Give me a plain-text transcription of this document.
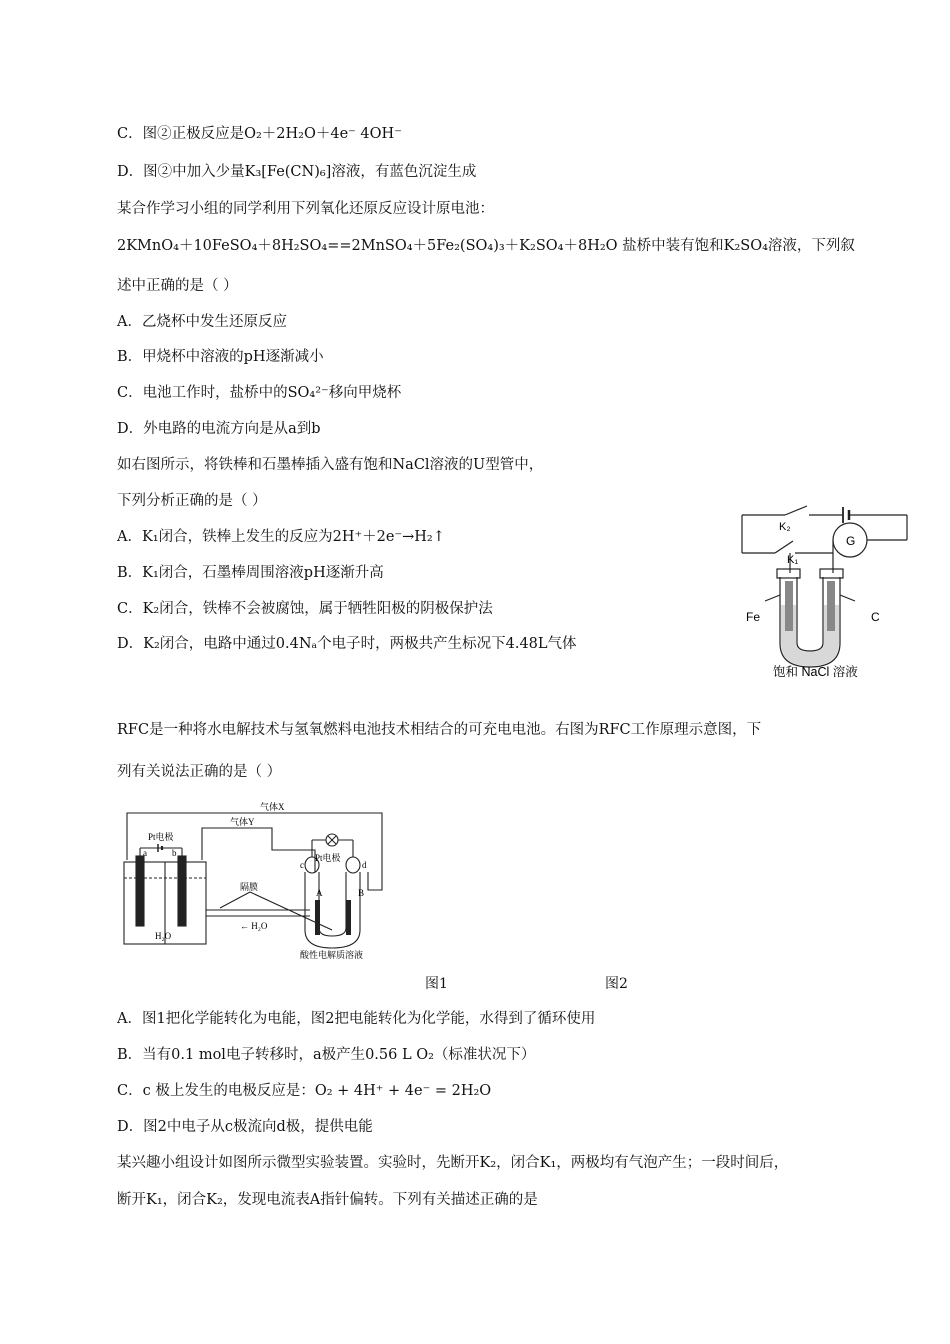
C．图②正极反应是O₂＋2H₂O＋4e⁻ 4OH⁻
D．图②中加入少量K₃[Fe(CN)₆]溶液，有蓝色沉淀生成
某合作学习小组的同学利用下列氧化还原反应设计原电池：
2KMnO₄＋10FeSO₄＋8H₂SO₄==2MnSO₄＋5Fe₂(SO₄)₃＋K₂SO₄＋8H₂O 盐桥中装有饱和K₂SO₄溶液，下列叙
述中正确的是（ ）
A．乙烧杯中发生还原反应
B．甲烧杯中溶液的pH逐渐减小
C．电池工作时，盐桥中的SO₄²⁻移向甲烧杯
D．外电路的电流方向是从a到b
如右图所示，将铁棒和石墨棒插入盛有饱和NaCl溶液的U型管中，
下列分析正确的是（ ）
A．K₁闭合，铁棒上发生的反应为2H⁺＋2e⁻→H₂↑
B．K₁闭合，石墨棒周围溶液pH逐渐升高
C．K₂闭合，铁棒不会被腐蚀，属于牺牲阳极的阴极保护法
D．K₂闭合，电路中通过0.4Nₐ个电子时，两极共产生标况下4.48L气体
RFC是一种将水电解技术与氢氧燃料电池技术相结合的可充电电池。右图为RFC工作原理示意图，下
列有关说法正确的是（ ）
A．图1把化学能转化为电能，图2把电能转化为化学能，水得到了循环使用
B．当有0.1 mol电子转移时，a极产生0.56 L O₂（标准状况下）
C．c 极上发生的电极反应是：O₂ + 4H⁺ + 4e⁻ = 2H₂O
D．图2中电子从c极流向d极，提供电能
某兴趣小组设计如图所示微型实验装置。实验时，先断开K₂，闭合K₁，两极均有气泡产生；一段时间后，
断开K₁，闭合K₂，发现电流表A指针偏转。下列有关描述正确的是
K₂
K₁
G
Fe	C
饱和 NaCl 溶液
气体X
气体Y
Pt电极
Pt电极
a	b
c	d
隔膜
H₂O
← H₂O
A	B
酸性电解质溶液
图1	图2
